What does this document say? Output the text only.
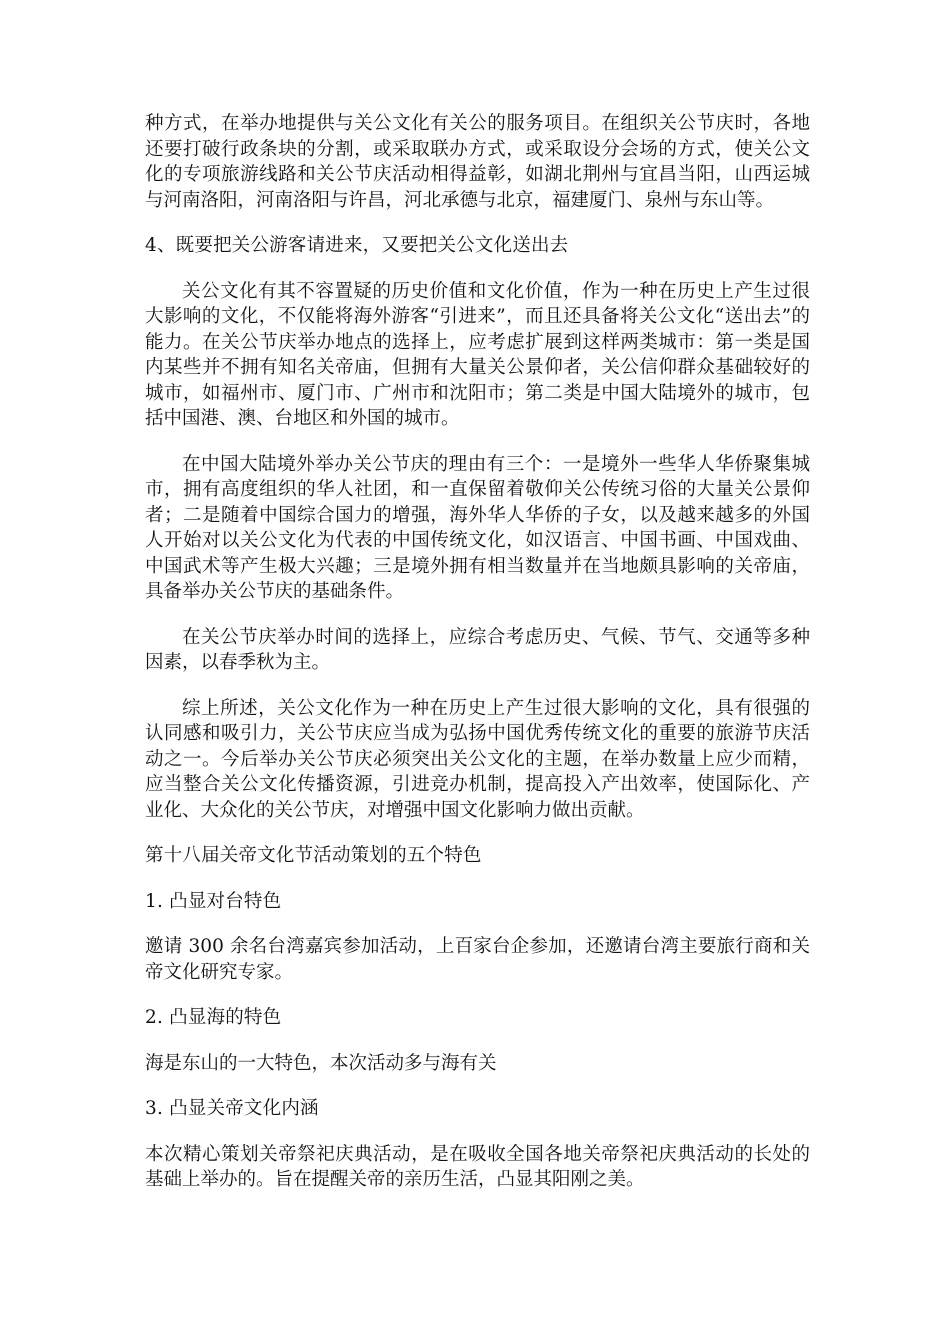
种方式，在举办地提供与关公文化有关公的服务项目。在组织关公节庆时，各地还要打破行政条块的分割，或采取联办方式，或采取设分会场的方式，使关公文化的专项旅游线路和关公节庆活动相得益彰，如湖北荆州与宜昌当阳，山西运城与河南洛阳，河南洛阳与许昌，河北承德与北京，福建厦门、泉州与东山等。

4、既要把关公游客请进来，又要把关公文化送出去

关公文化有其不容置疑的历史价值和文化价值，作为一种在历史上产生过很大影响的文化，不仅能将海外游客“引进来”，而且还具备将关公文化“送出去”的能力。在关公节庆举办地点的选择上，应考虑扩展到这样两类城市：第一类是国内某些并不拥有知名关帝庙，但拥有大量关公景仰者，关公信仰群众基础较好的城市，如福州市、厦门市、广州市和沈阳市；第二类是中国大陆境外的城市，包括中国港、澳、台地区和外国的城市。

在中国大陆境外举办关公节庆的理由有三个：一是境外一些华人华侨聚集城市，拥有高度组织的华人社团，和一直保留着敬仰关公传统习俗的大量关公景仰者；二是随着中国综合国力的增强，海外华人华侨的子女，以及越来越多的外国人开始对以关公文化为代表的中国传统文化，如汉语言、中国书画、中国戏曲、中国武术等产生极大兴趣；三是境外拥有相当数量并在当地颇具影响的关帝庙，具备举办关公节庆的基础条件。

在关公节庆举办时间的选择上，应综合考虑历史、气候、节气、交通等多种因素，以春季秋为主。

综上所述，关公文化作为一种在历史上产生过很大影响的文化，具有很强的认同感和吸引力，关公节庆应当成为弘扬中国优秀传统文化的重要的旅游节庆活动之一。今后举办关公节庆必须突出关公文化的主题，在举办数量上应少而精，应当整合关公文化传播资源，引进竞办机制，提高投入产出效率，使国际化、产业化、大众化的关公节庆，对增强中国文化影响力做出贡献。

第十八届关帝文化节活动策划的五个特色

1. 凸显对台特色

邀请 300 余名台湾嘉宾参加活动，上百家台企参加，还邀请台湾主要旅行商和关帝文化研究专家。

2. 凸显海的特色

海是东山的一大特色，本次活动多与海有关

3. 凸显关帝文化内涵

本次精心策划关帝祭祀庆典活动，是在吸收全国各地关帝祭祀庆典活动的长处的基础上举办的。旨在提醒关帝的亲历生活，凸显其阳刚之美。
